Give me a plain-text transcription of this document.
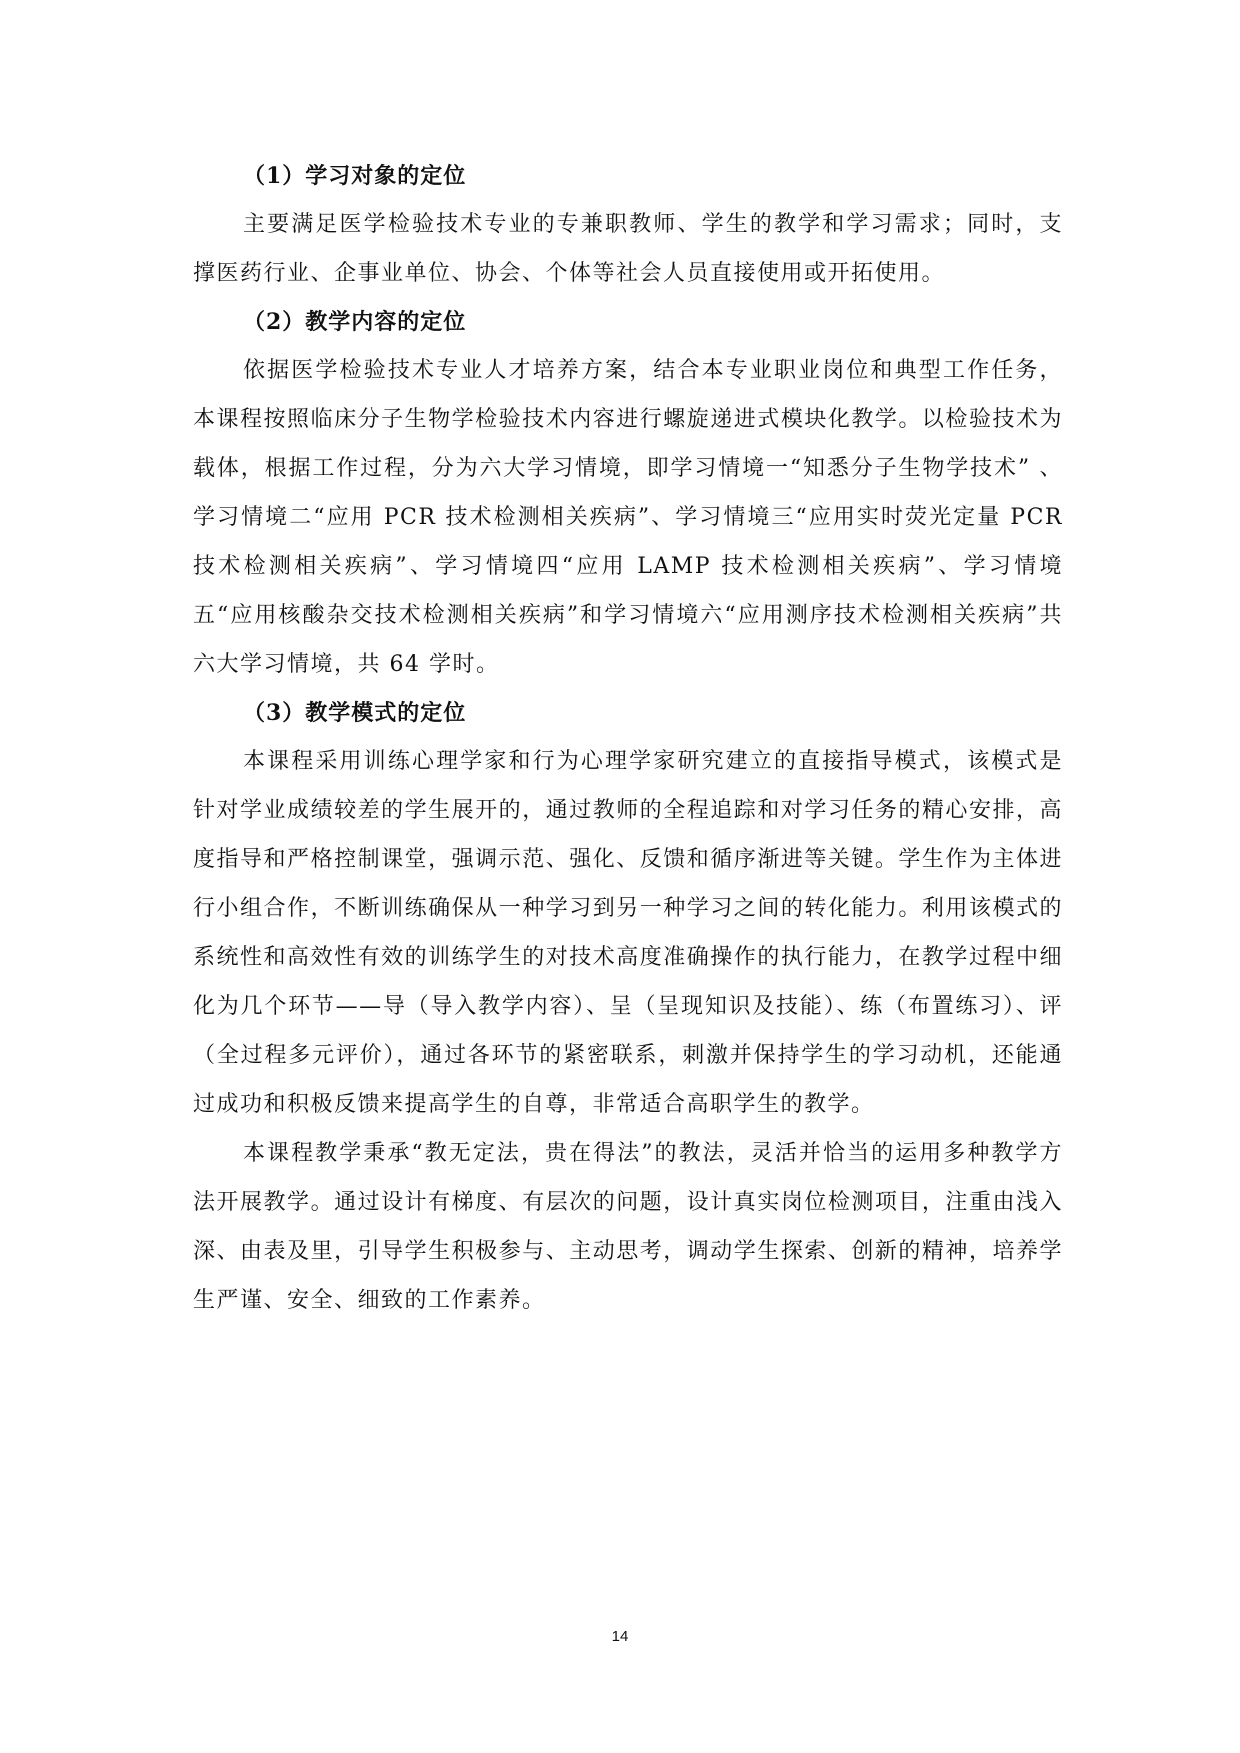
（1）学习对象的定位

主要满足医学检验技术专业的专兼职教师、学生的教学和学习需求；同时，支撑医药行业、企事业单位、协会、个体等社会人员直接使用或开拓使用。

（2）教学内容的定位

依据医学检验技术专业人才培养方案，结合本专业职业岗位和典型工作任务，本课程按照临床分子生物学检验技术内容进行螺旋递进式模块化教学。以检验技术为载体，根据工作过程，分为六大学习情境，即学习情境一“知悉分子生物学技术” 、学习情境二“应用 PCR 技术检测相关疾病”、学习情境三“应用实时荧光定量 PCR 技术检测相关疾病”、学习情境四“应用 LAMP 技术检测相关疾病”、学习情境五“应用核酸杂交技术检测相关疾病”和学习情境六“应用测序技术检测相关疾病”共六大学习情境，共 64 学时。

（3）教学模式的定位

本课程采用训练心理学家和行为心理学家研究建立的直接指导模式，该模式是针对学业成绩较差的学生展开的，通过教师的全程追踪和对学习任务的精心安排，高度指导和严格控制课堂，强调示范、强化、反馈和循序渐进等关键。学生作为主体进行小组合作，不断训练确保从一种学习到另一种学习之间的转化能力。利用该模式的系统性和高效性有效的训练学生的对技术高度准确操作的执行能力，在教学过程中细化为几个环节——导（导入教学内容）、呈（呈现知识及技能）、练（布置练习）、评（全过程多元评价），通过各环节的紧密联系，刺激并保持学生的学习动机，还能通过成功和积极反馈来提高学生的自尊，非常适合高职学生的教学。

本课程教学秉承“教无定法，贵在得法”的教法，灵活并恰当的运用多种教学方法开展教学。通过设计有梯度、有层次的问题，设计真实岗位检测项目，注重由浅入深、由表及里，引导学生积极参与、主动思考，调动学生探索、创新的精神，培养学生严谨、安全、细致的工作素养。

14
